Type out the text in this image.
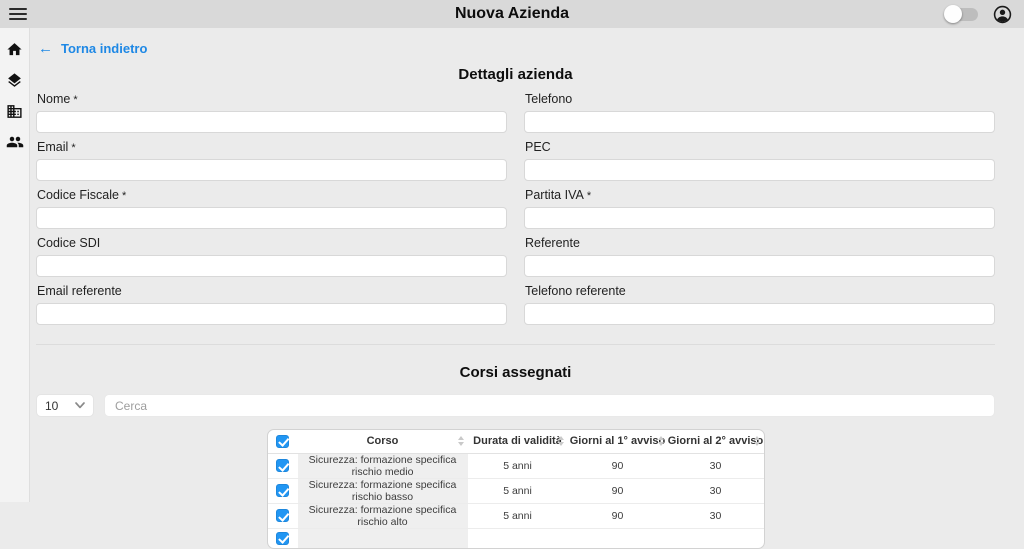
Nuova Azienda
← Torna indietro
Dettagli azienda
Nome *	Telefono
Email *	PEC
Codice Fiscale *	Partita IVA *
Codice SDI	Referente
Email referente	Telefono referente
Corsi assegnati
10
Cerca
	Corso	Durata di validità	Giorni al 1° avviso	Giorni al 2° avviso

	Sicurezza: formazione specifica rischio medio	5 anni	90	30
	Sicurezza: formazione specifica rischio basso	5 anni	90	30
	Sicurezza: formazione specifica rischio alto	5 anni	90	30
